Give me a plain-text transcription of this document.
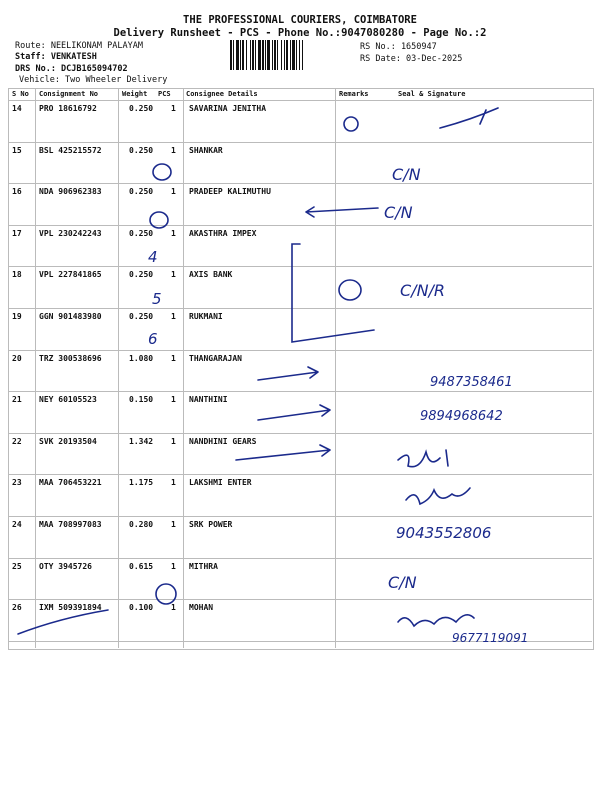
THE PROFESSIONAL COURIERS, COIMBATORE
Delivery Runsheet - PCS - Phone No.:9047080280 - Page No.:2
Route: NEELIKONAM PALAYAM
Staff: VENKATESH
DRS No.: DCJB165094702
Vehicle: Two Wheeler Delivery
RS No.: 1650947
RS Date: 03-Dec-2025
S No Consignment No	Weight PCS Consignee Details	Remarks	Seal & Signature
14 PRO 18616792	0.250 1 SAVARINA JENITHA
15 BSL 425215572	0.250 1 SHANKAR
16 NDA 906962383	0.250 1 PRADEEP KALIMUTHU
17 VPL 230242243	0.250 1 AKASTHRA IMPEX
18 VPL 227841865	0.250 1 AXIS BANK
19 GGN 901483980	0.250 1 RUKMANI
20 TRZ 300538696	1.080 1 THANGARAJAN
21 NEY 60105523	0.150 1 NANTHINI
22 SVK 20193504	1.342 1 NANDHINI GEARS
23 MAA 706453221	1.175 1 LAKSHMI ENTER
24 MAA 708997083	0.280 1 SRK POWER
25 OTY 3945726	0.615 1 MITHRA
26 IXM 509391894	0.100 1 MOHAN
C/N
C/N
C/N/R
9487358461
9894968642
9043552806
C/N
9677119091
4
5
6
